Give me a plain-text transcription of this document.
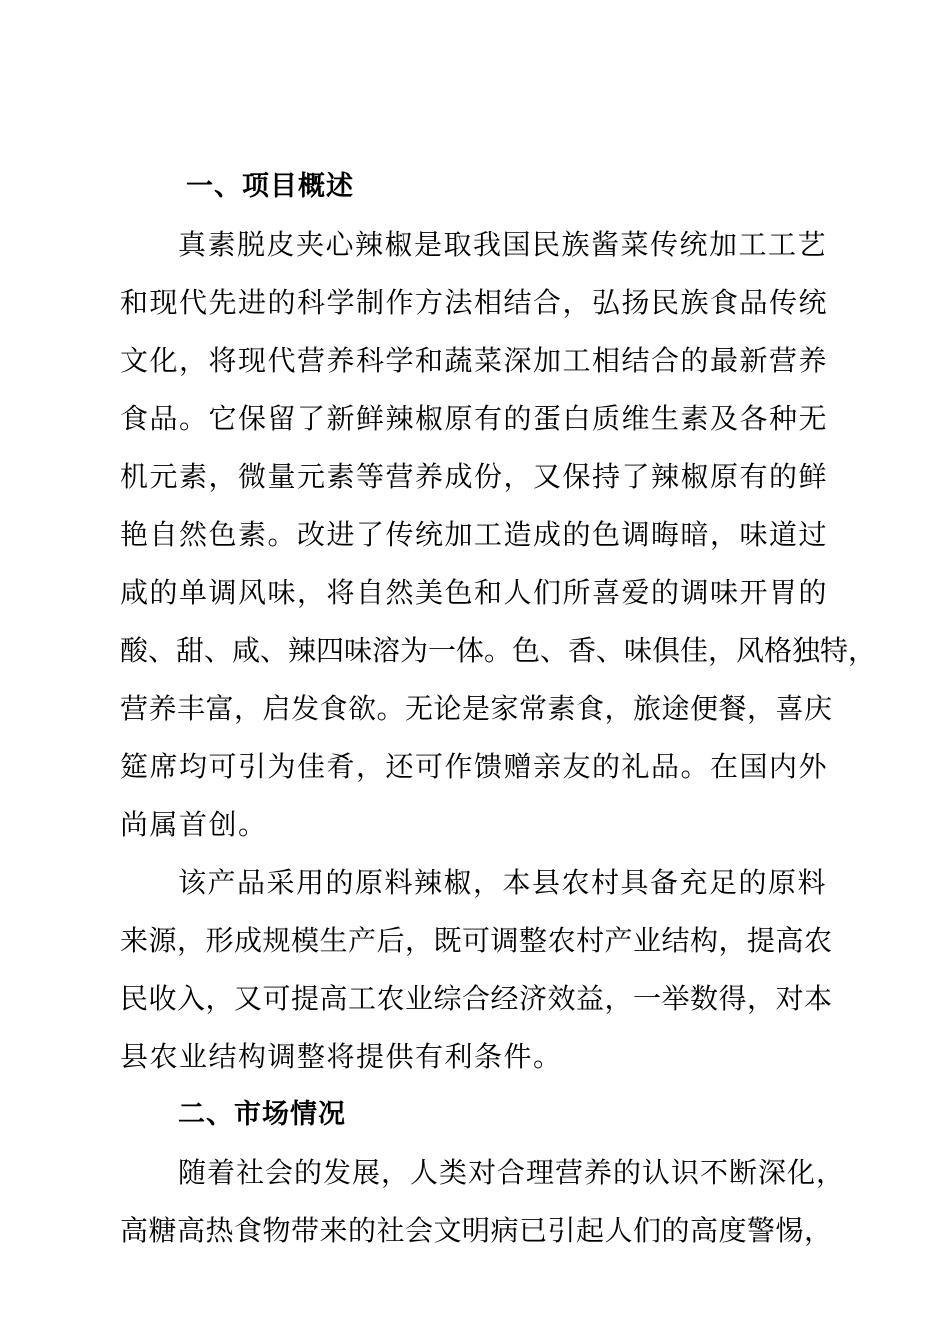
一、项目概述
真素脱皮夹心辣椒是取我国民族酱菜传统加工工艺
和现代先进的科学制作方法相结合，弘扬民族食品传统
文化，将现代营养科学和蔬菜深加工相结合的最新营养
食品。它保留了新鲜辣椒原有的蛋白质维生素及各种无
机元素，微量元素等营养成份，又保持了辣椒原有的鲜
艳自然色素。改进了传统加工造成的色调晦暗，味道过
咸的单调风味，将自然美色和人们所喜爱的调味开胃的
酸、甜、咸、辣四味溶为一体。色、香、味俱佳，风格独特，
营养丰富，启发食欲。无论是家常素食，旅途便餐，喜庆
筵席均可引为佳肴，还可作馈赠亲友的礼品。在国内外
尚属首创。
该产品采用的原料辣椒，本县农村具备充足的原料
来源，形成规模生产后，既可调整农村产业结构，提高农
民收入，又可提高工农业综合经济效益，一举数得，对本
县农业结构调整将提供有利条件。
二、市场情况
随着社会的发展，人类对合理营养的认识不断深化，
高糖高热食物带来的社会文明病已引起人们的高度警惕，
